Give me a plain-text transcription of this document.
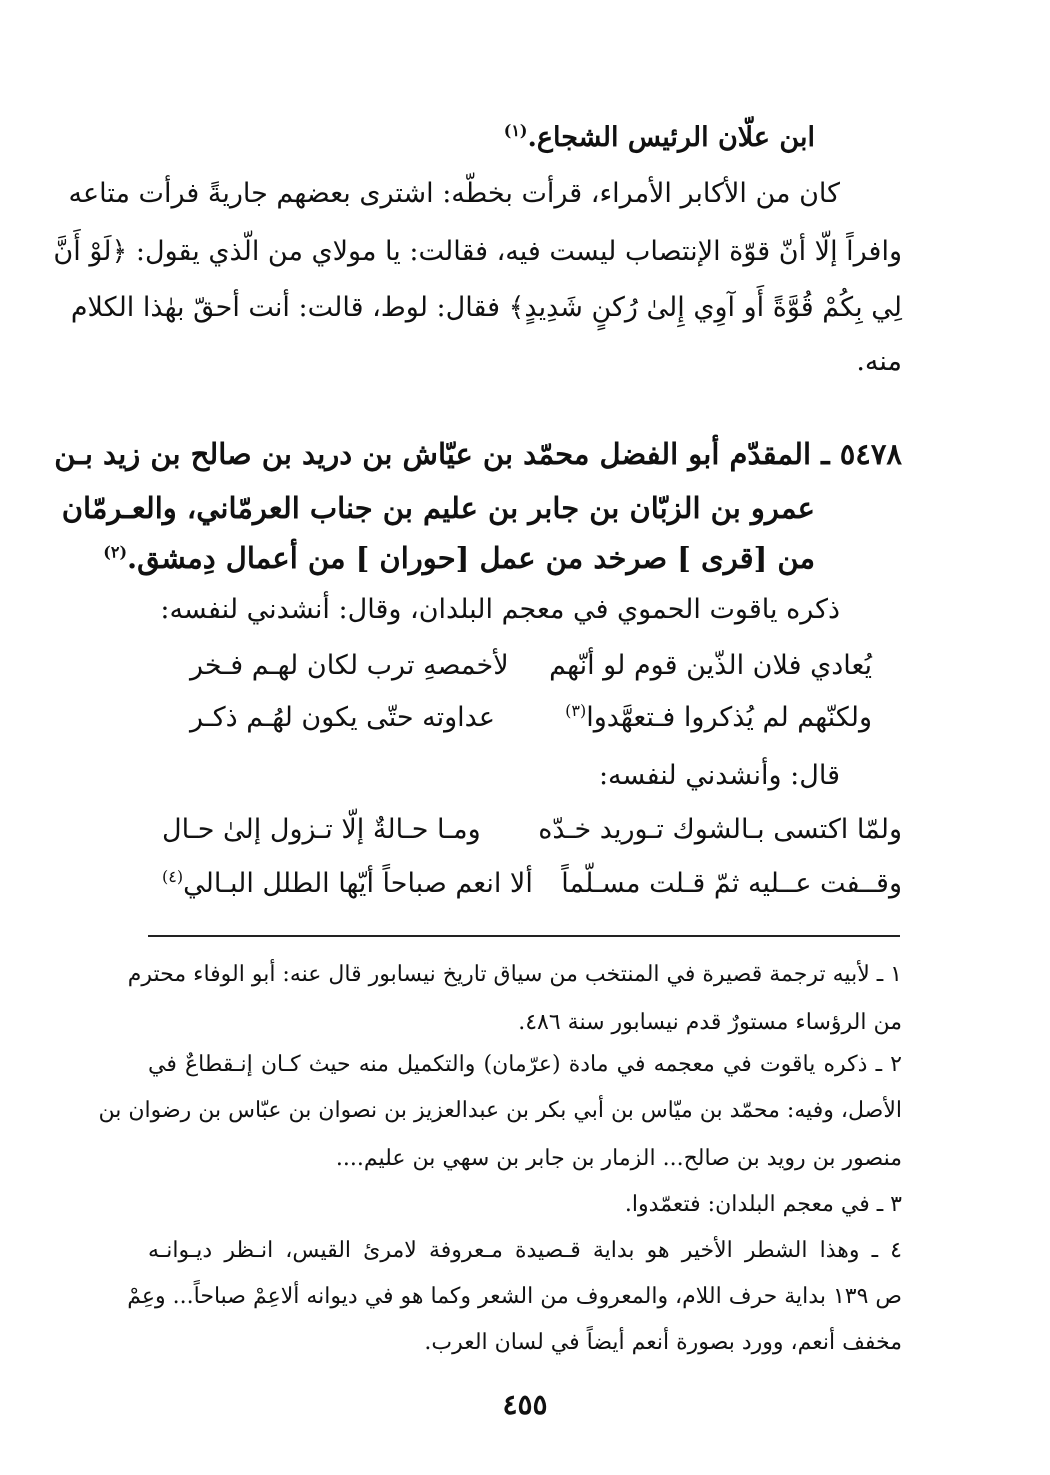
ابن علّان الرئيس الشجاع.$^{(١)}$
كان من الأكابر الأمراء، قرأت بخطّه: اشترى بعضهم جاريةً فرأت متاعه
وافراً إلّا أنّ قوّة الإنتصاب ليست فيه، فقالت: يا مولاي من الّذي يقول: ﴿لَوْ أَنَّ
لِي بِكُمْ قُوَّةً أَو آوِي إِلىٰ رُكنٍ شَدِيدٍ﴾ فقال: لوط، قالت: أنت أحقّ بهٰذا الكلام
منه.
٥٤٧٨ ـ المقدّم أبو الفضل محمّد بن عيّاش بن دريد بن صالح بن زيد بـن
عمرو بن الزبّان بن جابر بن عليم بن جناب العرمّاني، والعـرمّان
من [قرى ] صرخد من عمل [حوران ] من أعمال دِمشق.$^{(٢)}$
ذكره ياقوت الحموي في معجم البلدان، وقال: أنشدني لنفسه:
يُعادي فلان الذّين قوم لو أنّهم
لأخمصهِ ترب لكان لهـم فـخر
ولكنّهم لم يُذكروا فـتعهَّدوا$^{(٣)}$
عداوته حتّى يكون لهُـم ذكـر
قال: وأنشدني لنفسه:
ولمّا اكتسى بـالشوك تـوريد خـدّه
ومـا حـالةٌ إلّا تـزول إلىٰ حـال
وقــفت عــليه ثمّ قـلت مسـلّماً
ألا انعم صباحاً أيّها الطلل البـالي$^{(٤)}$
١ ـ لأبيه ترجمة قصيرة في المنتخب من سياق تاريخ نيسابور قال عنه: أبو الوفاء محترم
من الرؤساء مستورٌ قدم نيسابور سنة ٤٨٦.
٢ ـ ذكره ياقوت في معجمه في مادة (عرّمان) والتكميل منه حيث كـان إنـقطاعٌ في
الأصل، وفيه: محمّد بن ميّاس بن أبي بكر بن عبدالعزيز بن نصوان بن عبّاس بن رضوان بن
منصور بن رويد بن صالح... الزمار بن جابر بن سهي بن عليم....
٣ ـ في معجم البلدان: فتعمّدوا.
٤ ـ وهذا الشطر الأخير هو بداية قـصيدة مـعروفة لامرئ القيس، انـظر ديـوانـه
ص ١٣٩ بداية حرف اللام، والمعروف من الشعر وكما هو في ديوانه ألاعِمْ صباحاً... وعِمْ
مخفف أنعم، وورد بصورة أنعم أيضاً في لسان العرب.
٤٥٥
